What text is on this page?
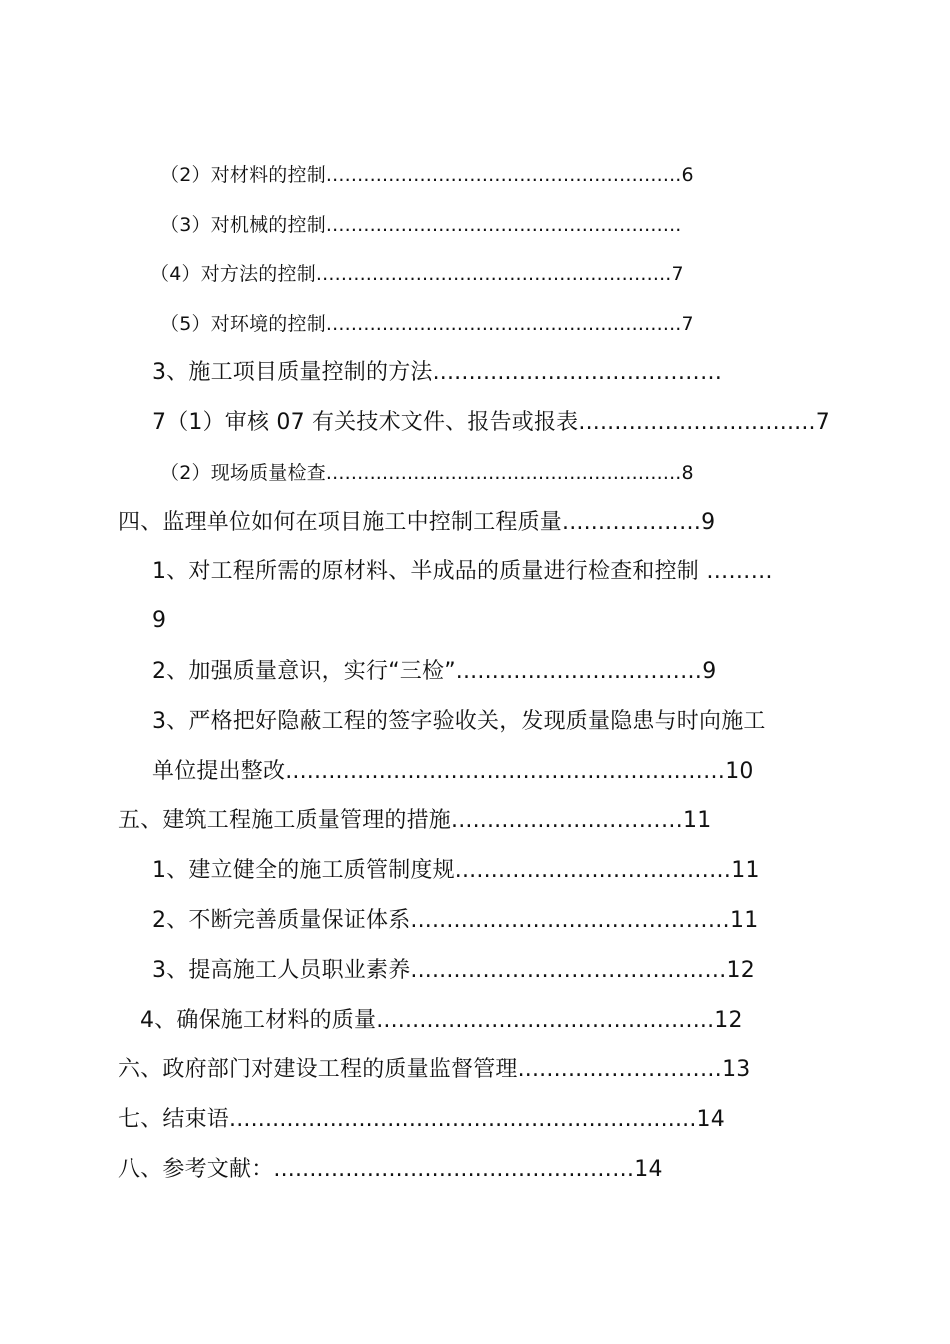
（2）对材料的控制.........................................................6
（3）对机械的控制.........................................................
（4）对方法的控制.........................................................7
（5）对环境的控制.........................................................7
3、施工项目质量控制的方法...............................………
7（1）审核 07 有关技术文件、报告或报表.................................7
（2）现场质量检查.........................................................8
四、监理单位如何在项目施工中控制工程质量.......…………9
1、对工程所需的原材料、半成品的质量进行检查和控制 ………
9
2、加强质量意识，实行“三检”.........................………9
3、严格把好隐蔽工程的签字验收关，发现质量隐患与时向施工
单位提出整改.......................................................……10
五、建筑工程施工质量管理的措施.......................………11
1、建立健全的施工质管制度规.......................……………11
2、不断完善质量保证体系.............................……………11
3、提高施工人员职业素养..........……………………………12
4、确保施工材料的质量...............................................12
六、政府部门对建设工程的质量监督管理.............……………13
七、结束语.................................................................14
八、参考文献：............................................……14
